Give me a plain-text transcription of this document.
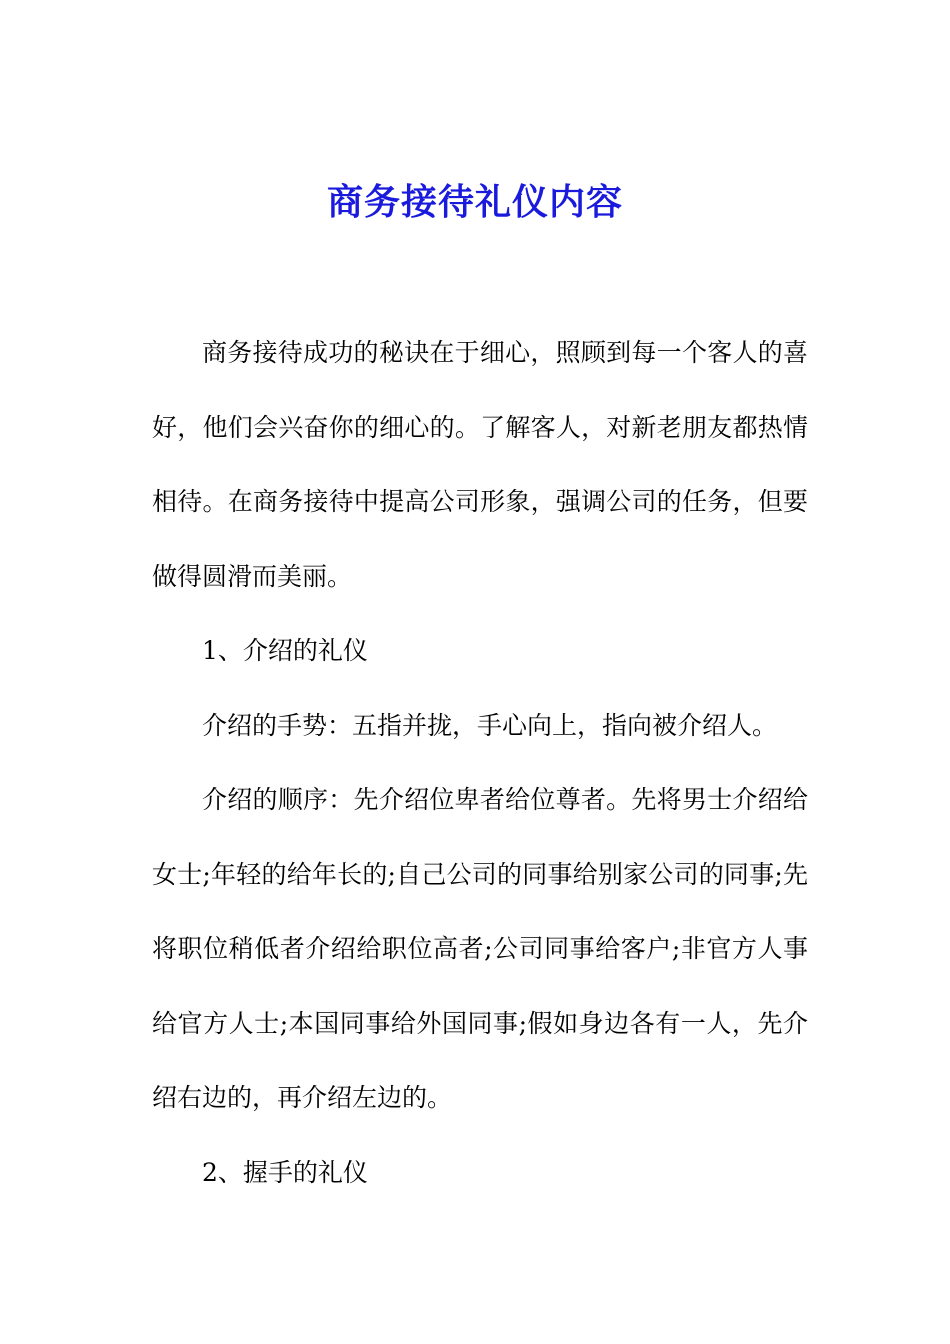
商务接待礼仪内容

商务接待成功的秘诀在于细心，照顾到每一个客人的喜好，他们会兴奋你的细心的。了解客人，对新老朋友都热情相待。在商务接待中提高公司形象，强调公司的任务，但要做得圆滑而美丽。

1、介绍的礼仪

介绍的手势：五指并拢，手心向上，指向被介绍人。

介绍的顺序：先介绍位卑者给位尊者。先将男士介绍给女士;年轻的给年长的;自己公司的同事给别家公司的同事;先将职位稍低者介绍给职位高者;公司同事给客户;非官方人事给官方人士;本国同事给外国同事;假如身边各有一人，先介绍右边的，再介绍左边的。

2、握手的礼仪
